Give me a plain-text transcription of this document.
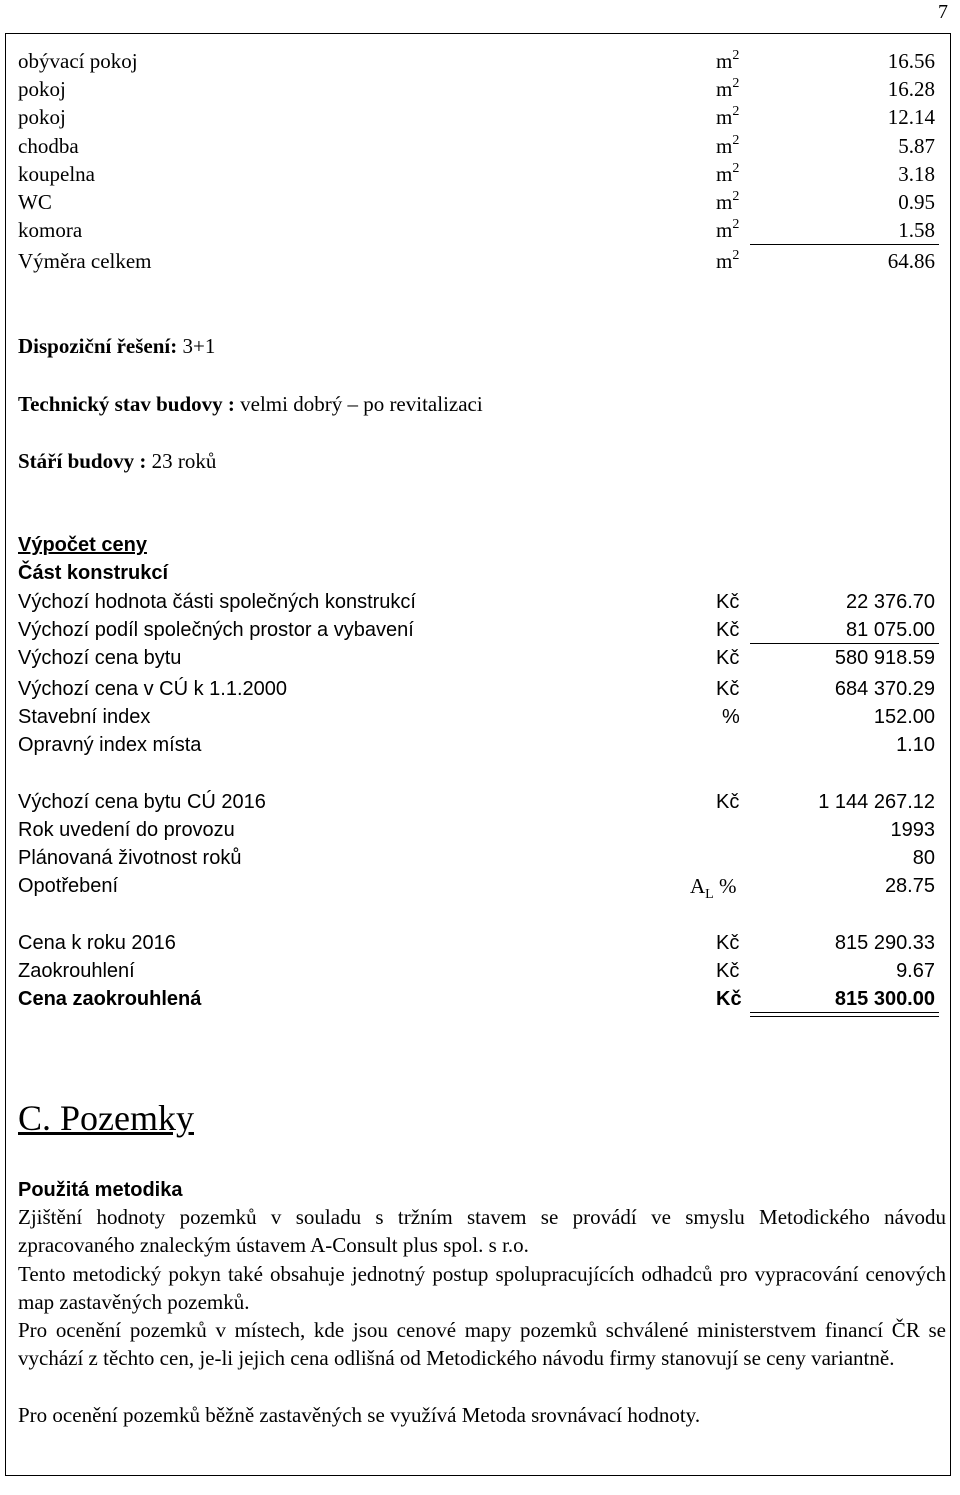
7
obývací pokoj	$m^2$	16.56
pokoj	$m^2$	16.28
pokoj	$m^2$	12.14
chodba	$m^2$	5.87
koupelna	$m^2$	3.18
WC	$m^2$	0.95
komora	$m^2$	1.58
Výměra celkem	$m^2$	64.86
Dispoziční řešení: 3+1
Technický stav budovy : velmi dobrý – po revitalizaci
Stáří budovy : 23 roků
Výpočet ceny
Část konstrukcí
Výchozí hodnota části společných konstrukcí	Kč	22 376.70
Výchozí podíl společných prostor a vybavení	Kč	81 075.00
Výchozí cena bytu	Kč	580 918.59
Výchozí cena v CÚ k 1.1.2000	Kč	684 370.29
Stavební index	%	152.00
Opravný index místa	1.10
Výchozí cena bytu CÚ 2016	Kč	1 144 267.12
Rok uvedení do provozu	1993
Plánovaná životnost roků	80
Opotřebení	$A_L$ %	28.75
Cena k roku 2016	Kč	815 290.33
Zaokrouhlení	Kč	9.67
Cena zaokrouhlená	Kč	815 300.00
C. Pozemky
Použitá metodika
Zjištění hodnoty pozemků v souladu s tržním stavem se provádí ve smyslu Metodického návodu zpracovaného znaleckým ústavem A-Consult plus spol. s r.o.
Tento metodický pokyn také obsahuje jednotný postup spolupracujících odhadců pro vypracování cenových map zastavěných pozemků.
Pro ocenění pozemků v místech, kde jsou cenové mapy pozemků schválené ministerstvem financí ČR se vychází z těchto cen, je-li jejich cena odlišná od Metodického návodu firmy stanovují se ceny variantně.
Pro ocenění pozemků běžně zastavěných se využívá Metoda srovnávací hodnoty.
